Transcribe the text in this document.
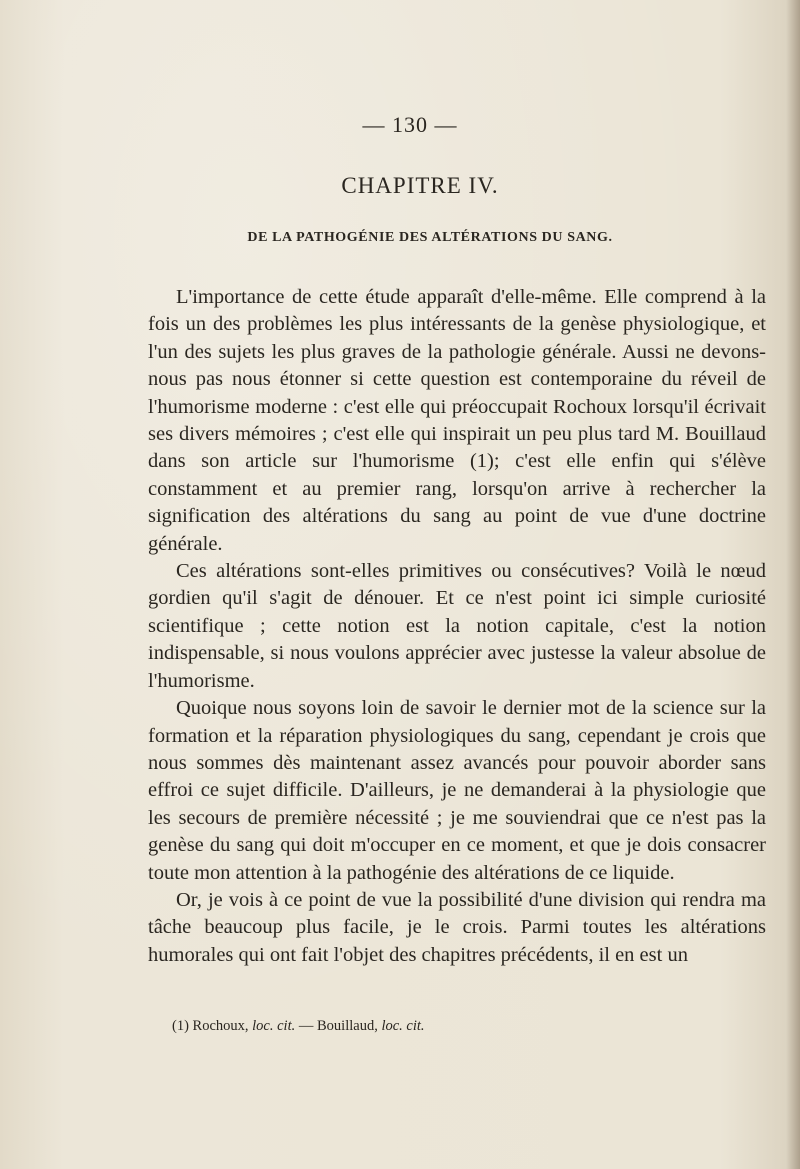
— 130 —
CHAPITRE IV.
DE LA PATHOGÉNIE DES ALTÉRATIONS DU SANG.

L'importance de cette étude apparaît d'elle-même. Elle comprend à la fois un des problèmes les plus intéressants de la genèse physiologique, et l'un des sujets les plus graves de la pathologie générale. Aussi ne devons-nous pas nous étonner si cette question est contemporaine du réveil de l'humorisme moderne : c'est elle qui préoccupait Rochoux lorsqu'il écrivait ses divers mémoires ; c'est elle qui inspirait un peu plus tard M. Bouillaud dans son article sur l'humorisme (1); c'est elle enfin qui s'élève constamment et au premier rang, lorsqu'on arrive à rechercher la signification des altérations du sang au point de vue d'une doctrine générale.

Ces altérations sont-elles primitives ou consécutives? Voilà le nœud gordien qu'il s'agit de dénouer. Et ce n'est point ici simple curiosité scientifique ; cette notion est la notion capitale, c'est la notion indispensable, si nous voulons apprécier avec justesse la valeur absolue de l'humorisme.

Quoique nous soyons loin de savoir le dernier mot de la science sur la formation et la réparation physiologiques du sang, cependant je crois que nous sommes dès maintenant assez avancés pour pouvoir aborder sans effroi ce sujet difficile. D'ailleurs, je ne demanderai à la physiologie que les secours de première nécessité ; je me souviendrai que ce n'est pas la genèse du sang qui doit m'occuper en ce moment, et que je dois consacrer toute mon attention à la pathogénie des altérations de ce liquide.

Or, je vois à ce point de vue la possibilité d'une division qui rendra ma tâche beaucoup plus facile, je le crois. Parmi toutes les altérations humorales qui ont fait l'objet des chapitres précédents, il en est un

(1) Rochoux, loc. cit. — Bouillaud, loc. cit.
